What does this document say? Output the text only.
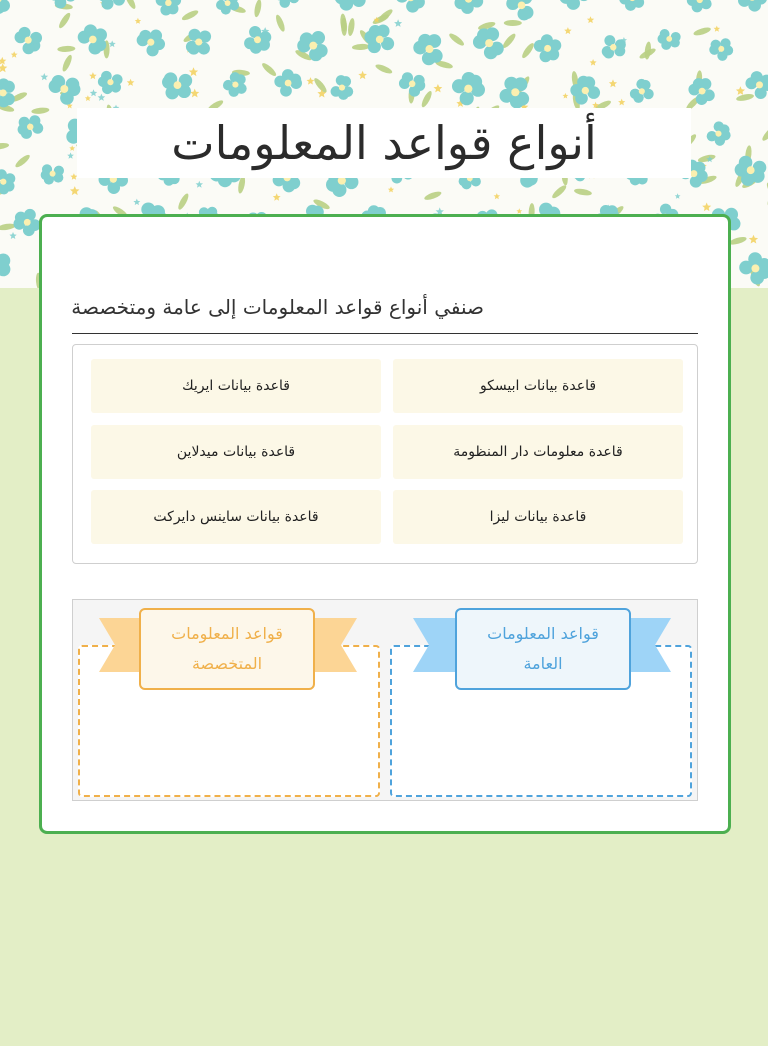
أنواع قواعد المعلومات
صنفي أنواع قواعد المعلومات إلى عامة ومتخصصة
قاعدة بيانات ابيسكو
قاعدة بيانات ايريك
قاعدة معلومات دار المنظومة
قاعدة بيانات ميدلاين
قاعدة بيانات ليزا
قاعدة بيانات ساينس دايركت
قواعد المعلومات العامة
قواعد المعلومات المتخصصة
